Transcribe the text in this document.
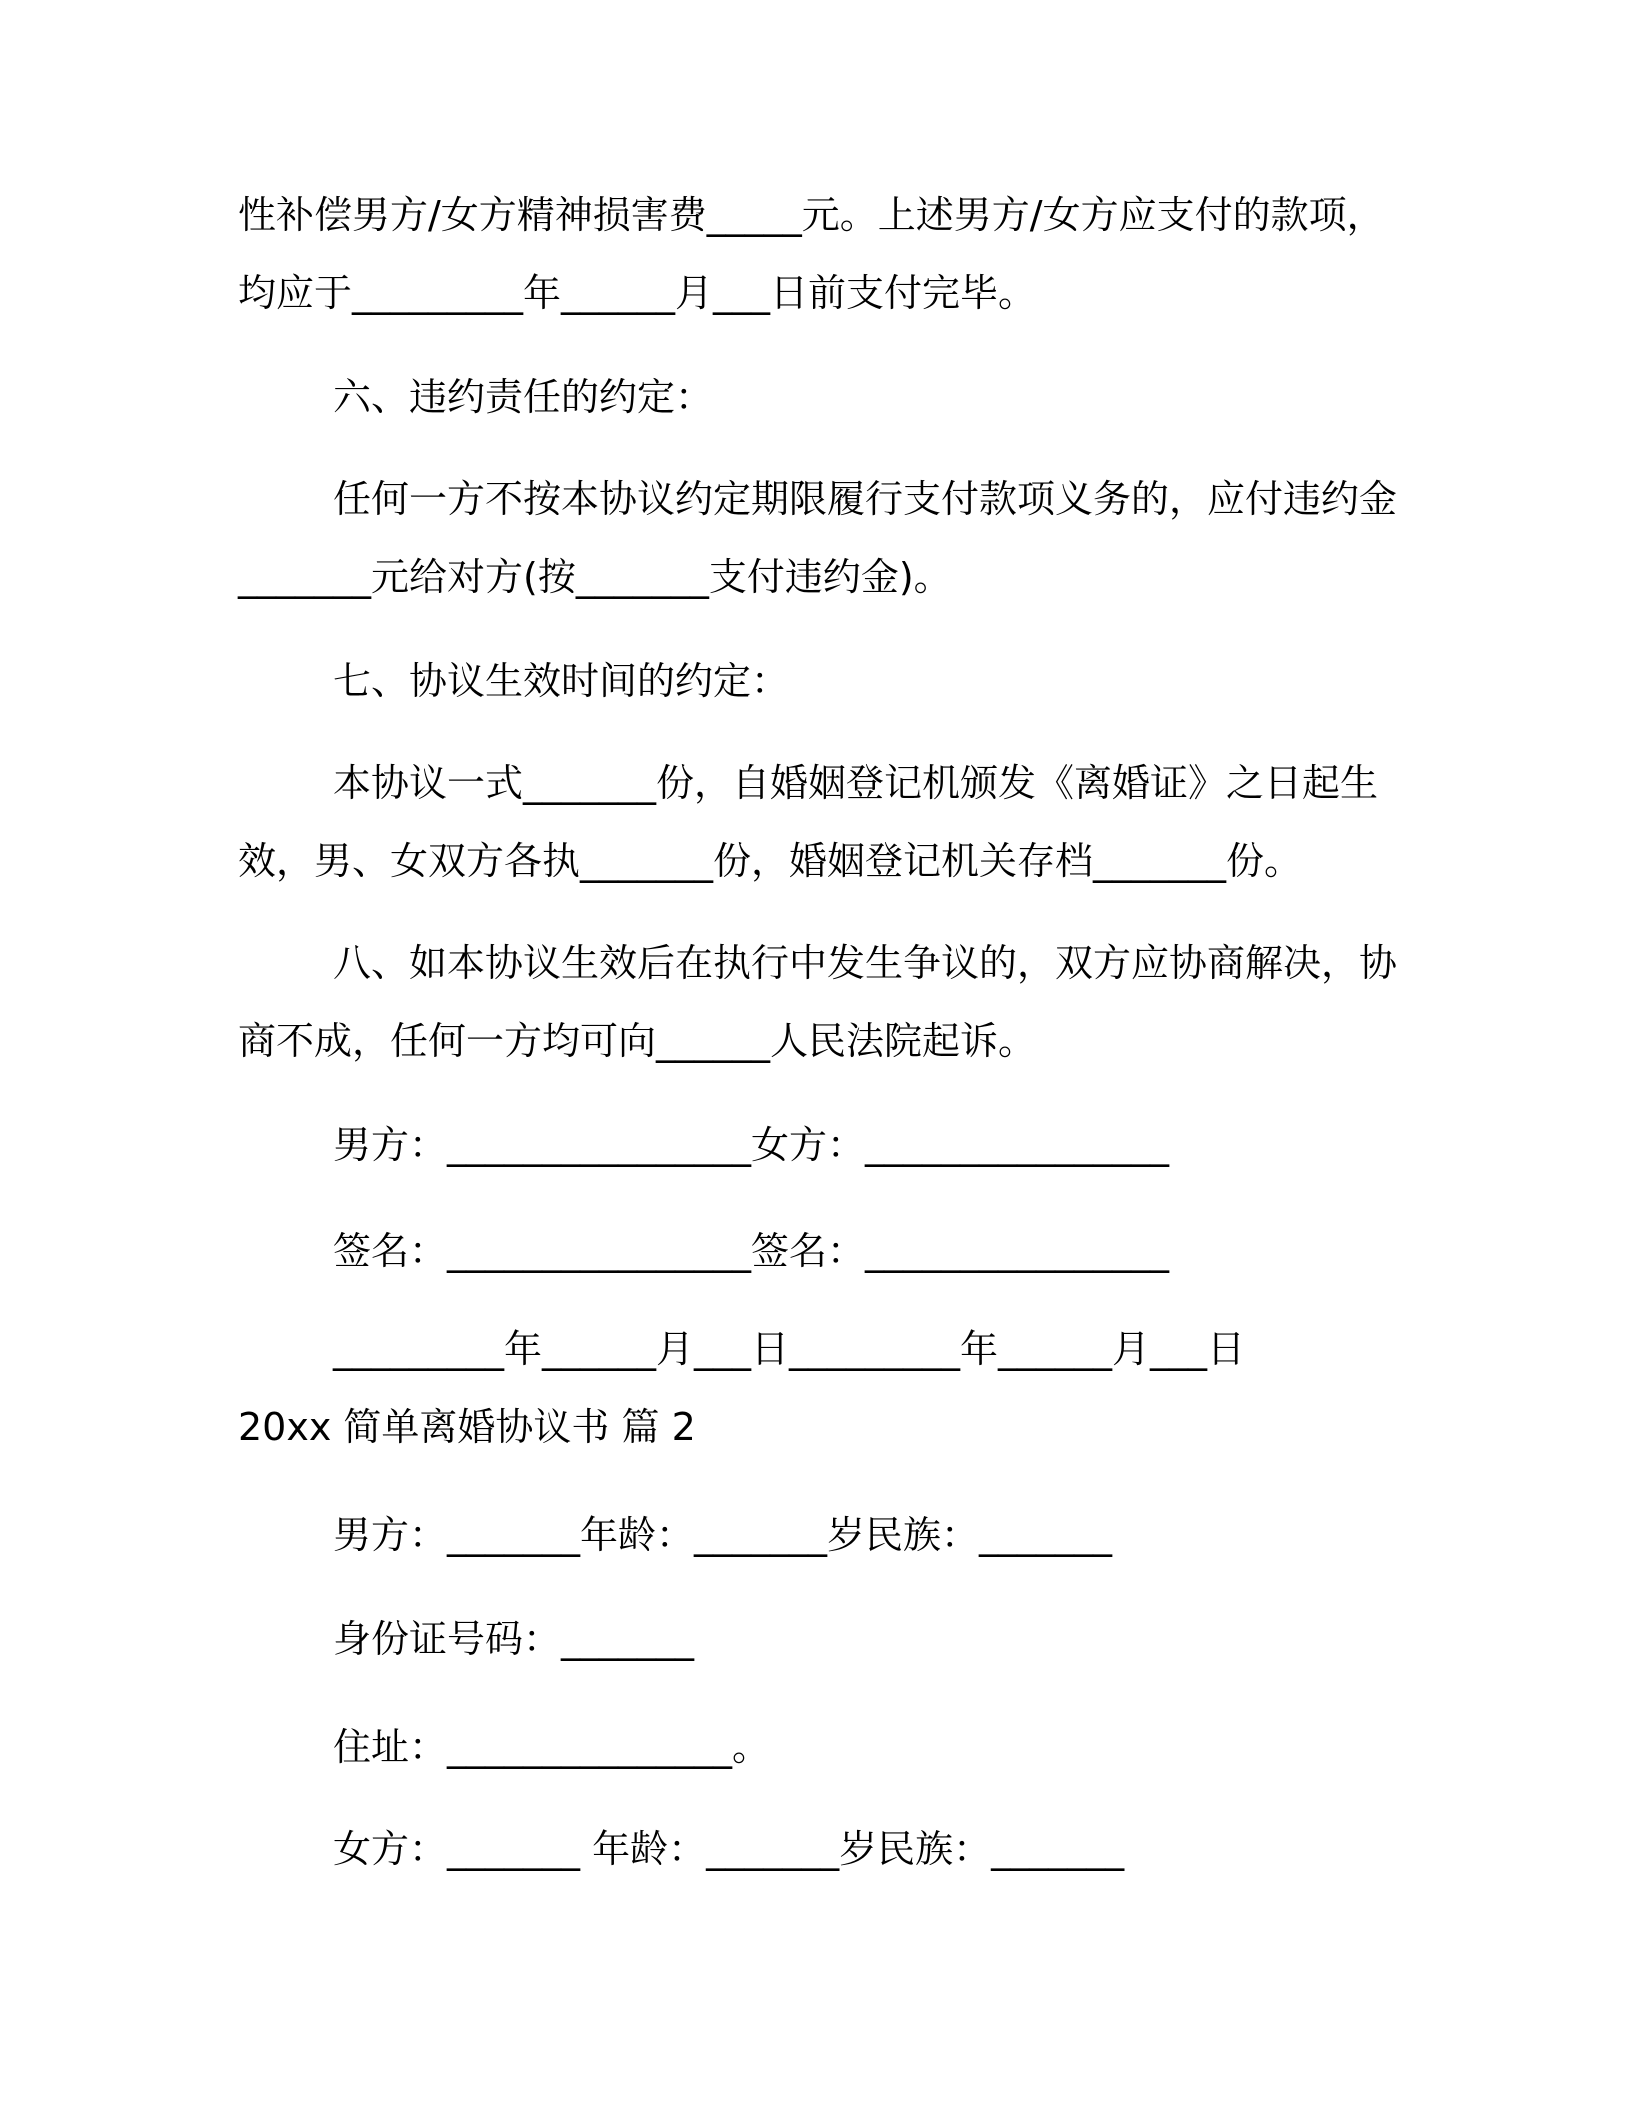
性补偿男方/女方精神损害费_____元。上述男方/女方应支付的款项，
均应于_________年______月___日前支付完毕。
六、违约责任的约定：
任何一方不按本协议约定期限履行支付款项义务的，应付违约金
_______元给对方(按_______支付违约金)。
七、协议生效时间的约定：
本协议一式_______份，自婚姻登记机颁发《离婚证》之日起生
效，男、女双方各执_______份，婚姻登记机关存档_______份。
八、如本协议生效后在执行中发生争议的，双方应协商解决，协
商不成，任何一方均可向______人民法院起诉。
男方：________________女方：________________
签名：________________签名：________________
_________年______月___日_________年______月___日
20xx 简单离婚协议书 篇 2
男方：_______年龄：_______岁民族：_______
身份证号码：_______
住址：_______________。
女方：_______ 年龄：_______岁民族：_______
